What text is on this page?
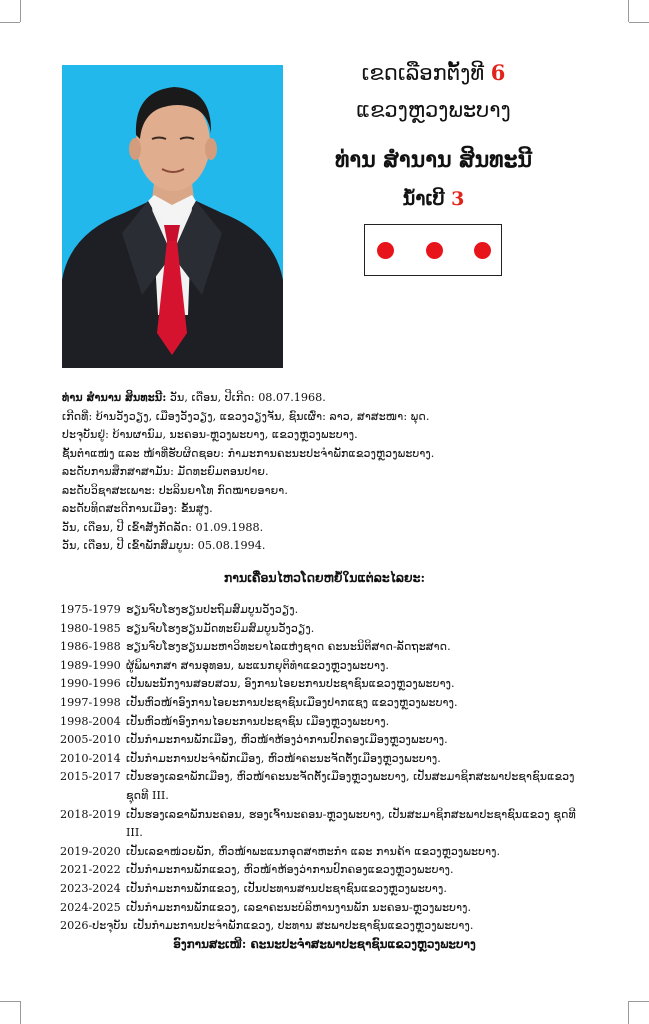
ເຂດເລືອກຕັ້ງທີ 6
ແຂວງຫຼວງພະບາງ
ທ່ານ ສຳນານ ສິນທະນີ
ນໍ້າເບີ 3
ທ່ານ ສຳນານ ສິນທະນີ: ວັນ, ເດືອນ, ປີເກີດ: 08.07.1968.
ເກີດທີ່: ບ້ານວັງວຽງ, ເມືອງວັງວຽງ, ແຂວງວຽງຈັນ, ຊົນເຜົ່າ: ລາວ, ສາສະໜາ: ພຸດ.
ປະຈຸບັນຢູ່: ບ້ານຜານົມ, ນະຄອນ-ຫຼວງພະບາງ, ແຂວງຫຼວງພະບາງ.
ຊັ້ນຕໍາແໜ່ງ ແລະ ໜ້າທີ່ຮັບຜິດຊອບ: ກໍາມະການຄະນະປະຈໍາພັກແຂວງຫຼວງພະບາງ.
ລະດັບການສຶກສາສາມັນ: ມັດທະຍົມຕອນປາຍ.
ລະດັບວິຊາສະເພາະ: ປະລິນຍາໂທ ກົດໝາຍອາຍາ.
ລະດັບທິດສະດີການເມືອງ: ຂັ້ນສູງ.
ວັນ, ເດືອນ, ປີ ເຂົ້າສັງກັດລັດ: 01.09.1988.
ວັນ, ເດືອນ, ປີ ເຂົ້າພັກສົມບູນ: 05.08.1994.
ການເຄື່ອນໄຫວໂດຍຫຍໍ້ໃນແຕ່ລະໄລຍະ:
1975-1979 ຮຽນຈົບໂຮງຮຽນປະຖົມສົມບູນວັງວຽງ.
1980-1985 ຮຽນຈົບໂຮງຮຽນມັດທະຍົມສົມບູນວັງວຽງ.
1986-1988 ຮຽນຈົບໂຮງຮຽນມະຫາວິທະຍາໄລແຫ່ງຊາດ ຄະນະນິຕິສາດ-ລັດຖະສາດ.
1989-1990 ຜູ້ພິພາກສາ ສານອຸທອນ, ພະແນກຍຸຕິທຳແຂວງຫຼວງພະບາງ.
1990-1996 ເປັນພະນັກງານສອບສວນ, ອົງການໄອຍະການປະຊາຊົນແຂວງຫຼວງພະບາງ.
1997-1998 ເປັນຫົວໜ້າອົງການໄອຍະການປະຊາຊົນເມືອງປາກແຊງ ແຂວງຫຼວງພະບາງ.
1998-2004 ເປັນຫົວໜ້າອົງການໄອຍະການປະຊາຊົນ ເມືອງຫຼວງພະບາງ.
2005-2010 ເປັນກຳມະການພັກເມືອງ, ຫົວໜ້າຫ້ອງວ່າການປົກຄອງເມືອງຫຼວງພະບາງ.
2010-2014 ເປັນກຳມະການປະຈຳພັກເມືອງ, ຫົວໜ້າຄະນະຈັດຕັ້ງເມືອງຫຼວງພະບາງ.
2015-2017 ເປັນຮອງເລຂາພັກເມືອງ, ຫົວໜ້າຄະນະຈັດຕັ້ງເມືອງຫຼວງພະບາງ, ເປັນສະມາຊິກສະພາປະຊາຊົນແຂວງ ຊຸດທີ III.
2018-2019 ເປັນຮອງເລຂາພັກນະຄອນ, ຮອງເຈົ້ານະຄອນ-ຫຼວງພະບາງ, ເປັນສະມາຊິກສະພາປະຊາຊົນແຂວງ ຊຸດທີ III.
2019-2020 ເປັນເລຂາໜ່ວຍພັກ, ຫົວໜ້າພະແນກອຸດສາຫະກຳ ແລະ ການຄ້າ ແຂວງຫຼວງພະບາງ.
2021-2022 ເປັນກຳມະການພັກແຂວງ, ຫົວໜ້າຫ້ອງວ່າການປົກຄອງແຂວງຫຼວງພະບາງ.
2023-2024 ເປັນກຳມະການພັກແຂວງ, ເປັນປະທານສານປະຊາຊົນແຂວງຫຼວງພະບາງ.
2024-2025 ເປັນກຳມະການພັກແຂວງ, ເລຂາຄະນະບໍລິຫານງານພັກ ນະຄອນ-ຫຼວງພະບາງ.
2026-ປະຈຸບັນ ເປັນກຳມະການປະຈຳພັກແຂວງ, ປະທານ ສະພາປະຊາຊົນແຂວງຫຼວງພະບາງ.
ອົງການສະເໜີ: ຄະນະປະຈຳສະພາປະຊາຊົນແຂວງຫຼວງພະບາງ
